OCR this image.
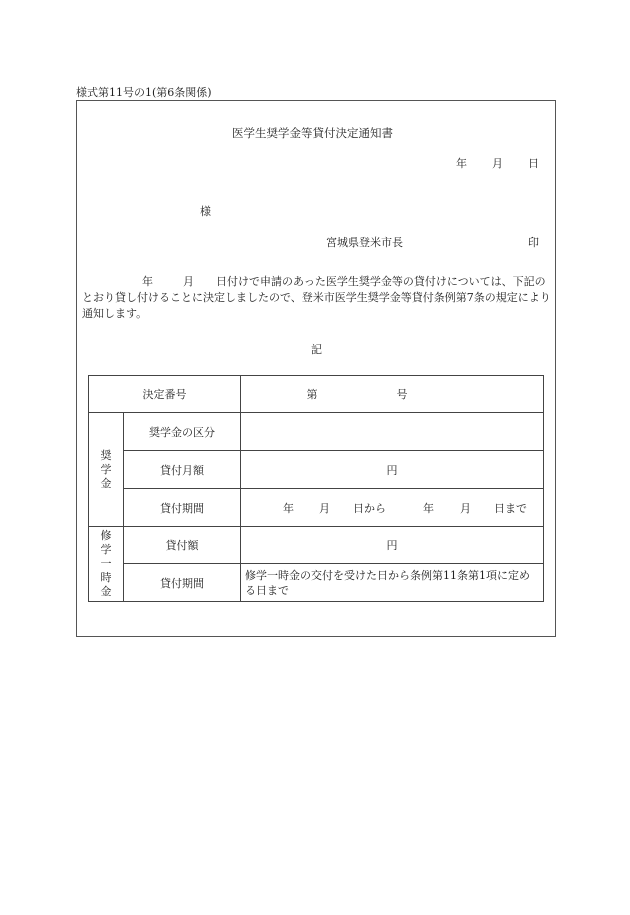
様式第11号の1(第6条関係)
医学生奨学金等貸付決定通知書
年 月 日
様
宮城県登米市長	印
年	月 日付けで申請のあった医学生奨学金等の貸付けについては、下記のとおり貸し付けることに決定しましたので、登米市医学生奨学金等貸付条例第7条の規定により通知します。
記
決定番号		第 号

奨学金	奨学金の区分	
	貸付月額	円
	貸付期間	年 月 日から 年 月 日まで
修学一時金	貸付額	円
	貸付期間	修学一時金の交付を受けた日から条例第11条第1項に定める日まで
